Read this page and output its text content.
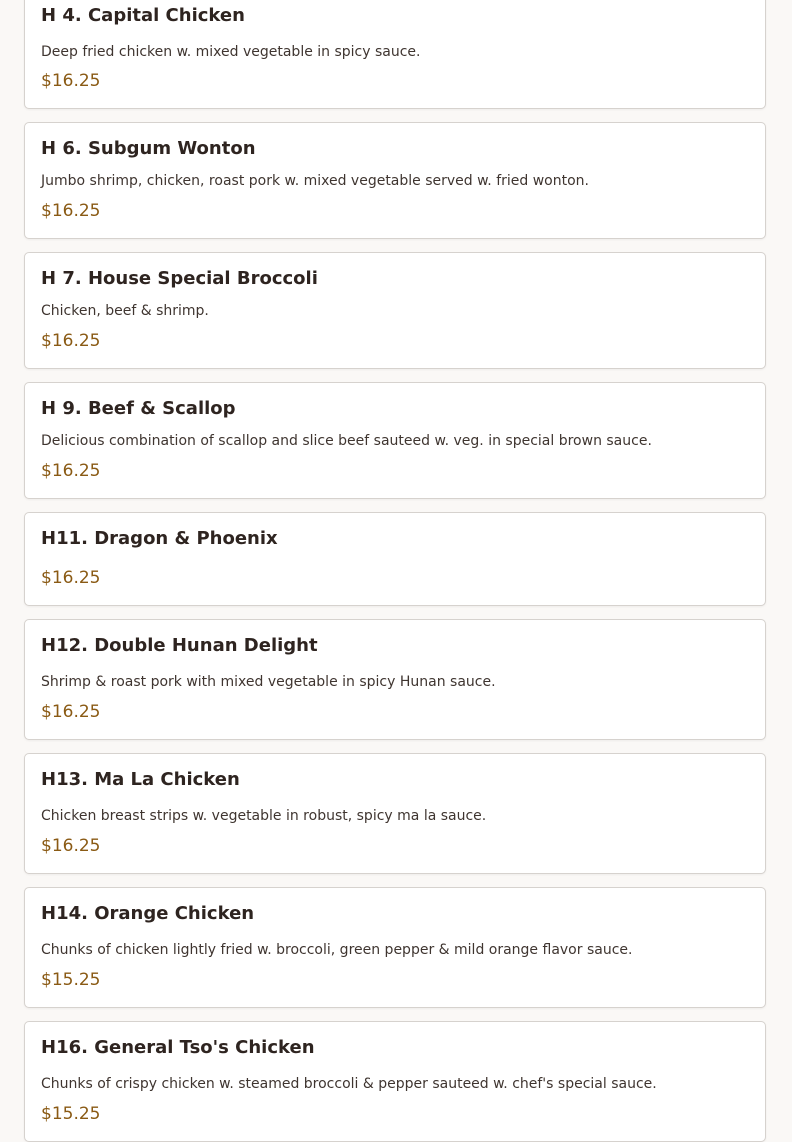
H 4. Capital Chicken

Deep fried chicken w. mixed vegetable in spicy sauce.

$16.25

H 6. Subgum Wonton

Jumbo shrimp, chicken, roast pork w. mixed vegetable served w. fried wonton.

$16.25

H 7. House Special Broccoli

Chicken, beef & shrimp.

$16.25

H 9. Beef & Scallop

Delicious combination of scallop and slice beef sauteed w. veg. in special brown sauce.

$16.25

H11. Dragon & Phoenix

$16.25

H12. Double Hunan Delight

Shrimp & roast pork with mixed vegetable in spicy Hunan sauce.

$16.25

H13. Ma La Chicken

Chicken breast strips w. vegetable in robust, spicy ma la sauce.

$16.25

H14. Orange Chicken

Chunks of chicken lightly fried w. broccoli, green pepper & mild orange flavor sauce.

$15.25

H16. General Tso's Chicken

Chunks of crispy chicken w. steamed broccoli & pepper sauteed w. chef's special sauce.

$15.25
